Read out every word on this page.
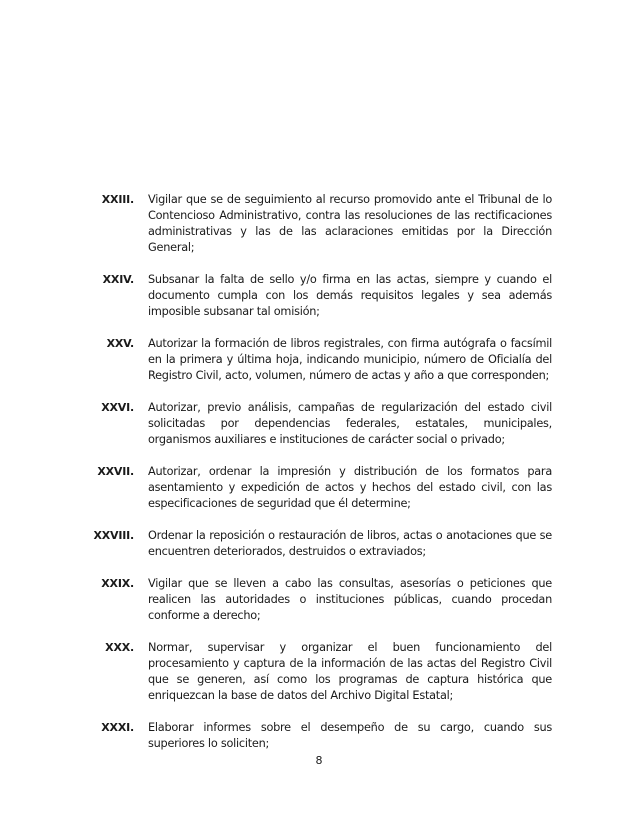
XXIII.	Vigilar que se de seguimiento al recurso promovido ante el Tribunal de lo Contencioso Administrativo, contra las resoluciones de las rectificaciones administrativas y las de las aclaraciones emitidas por la Dirección General;
XXIV.	Subsanar la falta de sello y/o firma en las actas, siempre y cuando el documento cumpla con los demás requisitos legales y sea además imposible subsanar tal omisión;
XXV.	Autorizar la formación de libros registrales, con firma autógrafa o facsímil en la primera y última hoja, indicando municipio, número de Oficialía del Registro Civil, acto, volumen, número de actas y año a que corresponden;
XXVI.	Autorizar, previo análisis, campañas de regularización del estado civil solicitadas por dependencias federales, estatales, municipales, organismos auxiliares e instituciones de carácter social o privado;
XXVII.	Autorizar, ordenar la impresión y distribución de los formatos para asentamiento y expedición de actos y hechos del estado civil, con las especificaciones de seguridad que él determine;
XXVIII.	Ordenar la reposición o restauración de libros, actas o anotaciones que se encuentren deteriorados, destruidos o extraviados;
XXIX.	Vigilar que se lleven a cabo las consultas, asesorías o peticiones que realicen las autoridades o instituciones públicas, cuando procedan conforme a derecho;
XXX.	Normar, supervisar y organizar el buen funcionamiento del procesamiento y captura de la información de las actas del Registro Civil que se generen, así como los programas de captura histórica que enriquezcan la base de datos del Archivo Digital Estatal;
XXXI.	Elaborar informes sobre el desempeño de su cargo, cuando sus superiores lo soliciten;
8
